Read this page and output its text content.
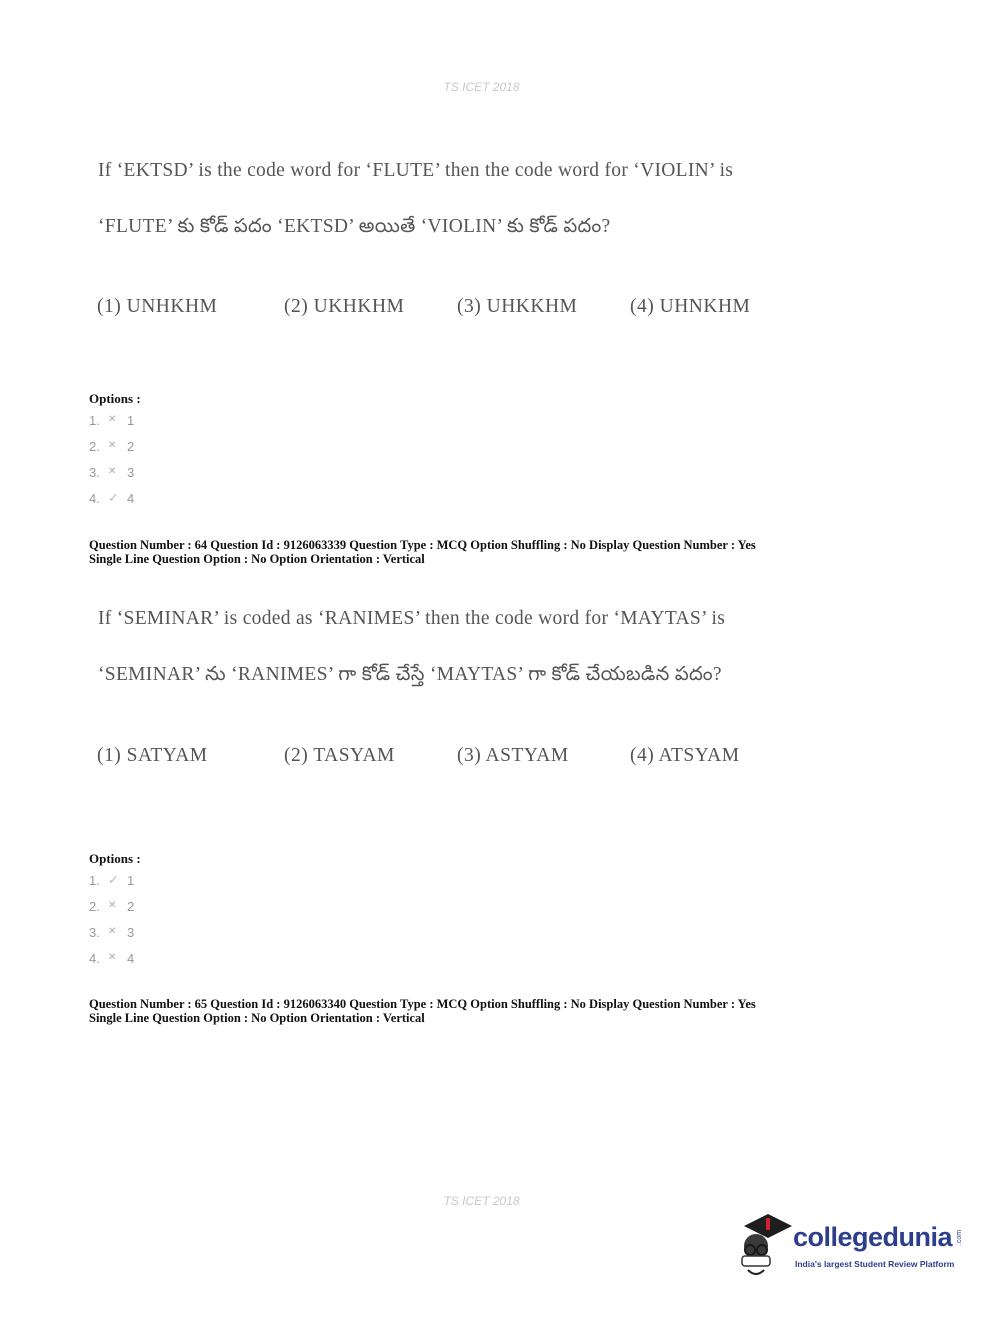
TS ICET 2018
If ‘EKTSD’ is the code word for ‘FLUTE’ then the code word for ‘VIOLIN’ is
‘FLUTE’ కు కోడ్ పదం ‘EKTSD’ అయితే ‘VIOLIN’ కు కోడ్ పదం?
(1) UNHKHM	(2) UKHKHM	(3) UHKKHM	(4) UHNKHM
Options :
1. ✕ 1
2. ✕ 2
3. ✕ 3
4. ✓ 4
Question Number : 64 Question Id : 9126063339 Question Type : MCQ Option Shuffling : No Display Question Number : Yes
Single Line Question Option : No Option Orientation : Vertical
If ‘SEMINAR’ is coded as ‘RANIMES’ then the code word for ‘MAYTAS’ is
‘SEMINAR’ ను ‘RANIMES’ గా కోడ్ చేస్తే ‘MAYTAS’ గా కోడ్ చేయబడిన పదం?
(1) SATYAM	(2) TASYAM	(3) ASTYAM	(4) ATSYAM
Options :
1. ✓ 1
2. ✕ 2
3. ✕ 3
4. ✕ 4
Question Number : 65 Question Id : 9126063340 Question Type : MCQ Option Shuffling : No Display Question Number : Yes
Single Line Question Option : No Option Orientation : Vertical
TS ICET 2018
collegedunia .com
India's largest Student Review Platform
